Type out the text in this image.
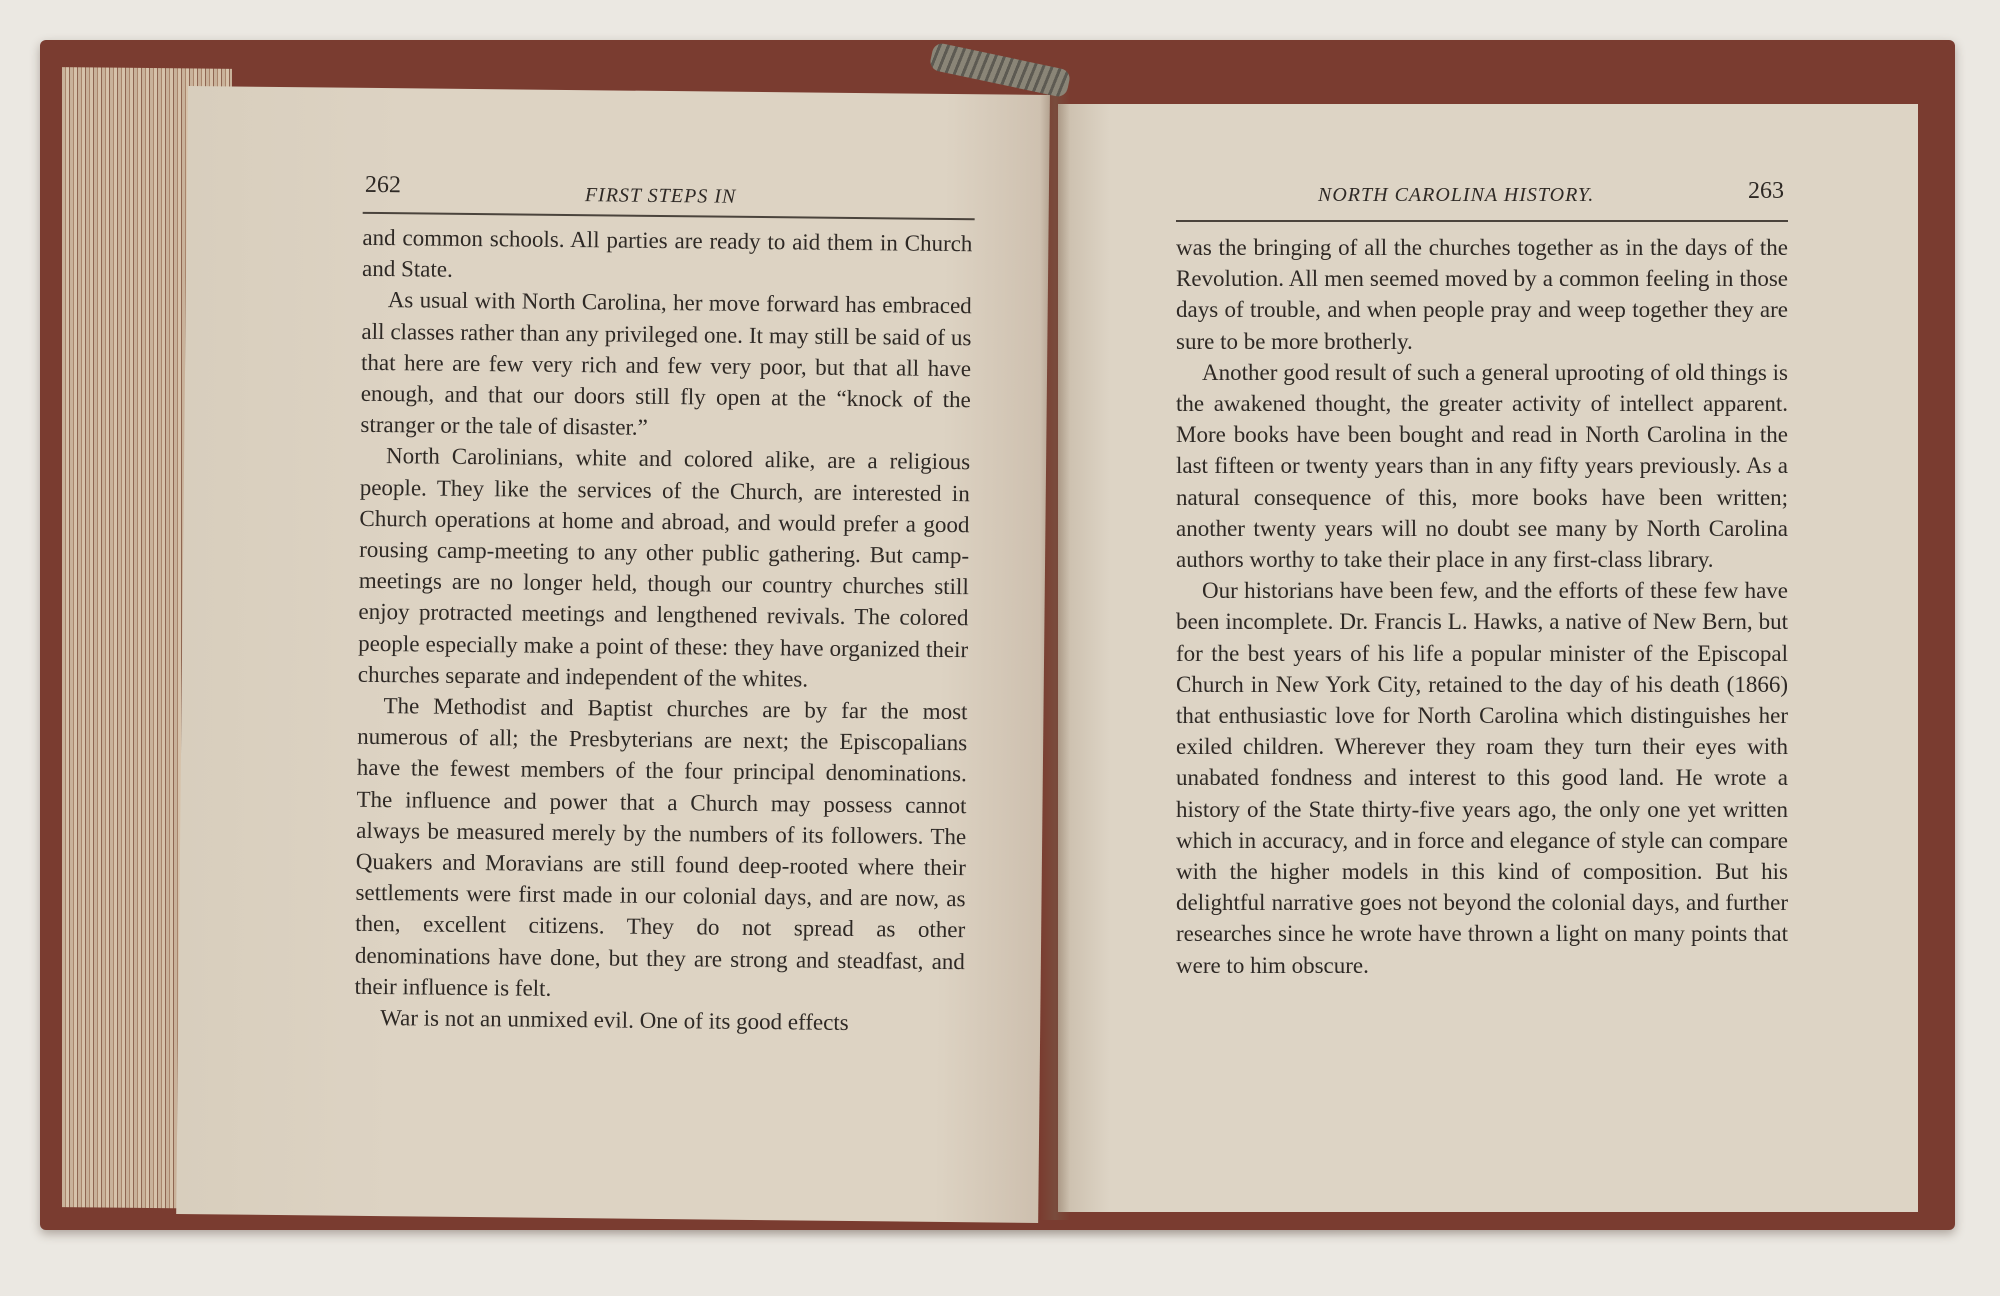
262	FIRST STEPS IN

and common schools. All parties are ready to aid them in Church and State.

As usual with North Carolina, her move forward has embraced all classes rather than any privileged one. It may still be said of us that here are few very rich and few very poor, but that all have enough, and that our doors still fly open at the “knock of the stranger or the tale of disaster.”

North Carolinians, white and colored alike, are a religious people. They like the services of the Church, are interested in Church operations at home and abroad, and would prefer a good rousing camp-meeting to any other public gathering. But camp-meetings are no longer held, though our country churches still enjoy protracted meetings and lengthened revivals. The colored people especially make a point of these: they have organized their churches separate and independent of the whites.

The Methodist and Baptist churches are by far the most numerous of all; the Presbyterians are next; the Episcopalians have the fewest members of the four principal denominations. The influence and power that a Church may possess cannot always be measured merely by the numbers of its followers. The Quakers and Moravians are still found deep-rooted where their settlements were first made in our colonial days, and are now, as then, excellent citizens. They do not spread as other denominations have done, but they are strong and steadfast, and their influence is felt.

War is not an unmixed evil. One of its good effects

NORTH CAROLINA HISTORY.	263

was the bringing of all the churches together as in the days of the Revolution. All men seemed moved by a common feeling in those days of trouble, and when people pray and weep together they are sure to be more brotherly.

Another good result of such a general uprooting of old things is the awakened thought, the greater activity of intellect apparent. More books have been bought and read in North Carolina in the last fifteen or twenty years than in any fifty years previously. As a natural consequence of this, more books have been written; another twenty years will no doubt see many by North Carolina authors worthy to take their place in any first-class library.

Our historians have been few, and the efforts of these few have been incomplete. Dr. Francis L. Hawks, a native of New Bern, but for the best years of his life a popular minister of the Episcopal Church in New York City, retained to the day of his death (1866) that enthusiastic love for North Carolina which distinguishes her exiled children. Wherever they roam they turn their eyes with unabated fondness and interest to this good land. He wrote a history of the State thirty-five years ago, the only one yet written which in accuracy, and in force and elegance of style can compare with the higher models in this kind of composition. But his delightful narrative goes not beyond the colonial days, and further researches since he wrote have thrown a light on many points that were to him obscure.
